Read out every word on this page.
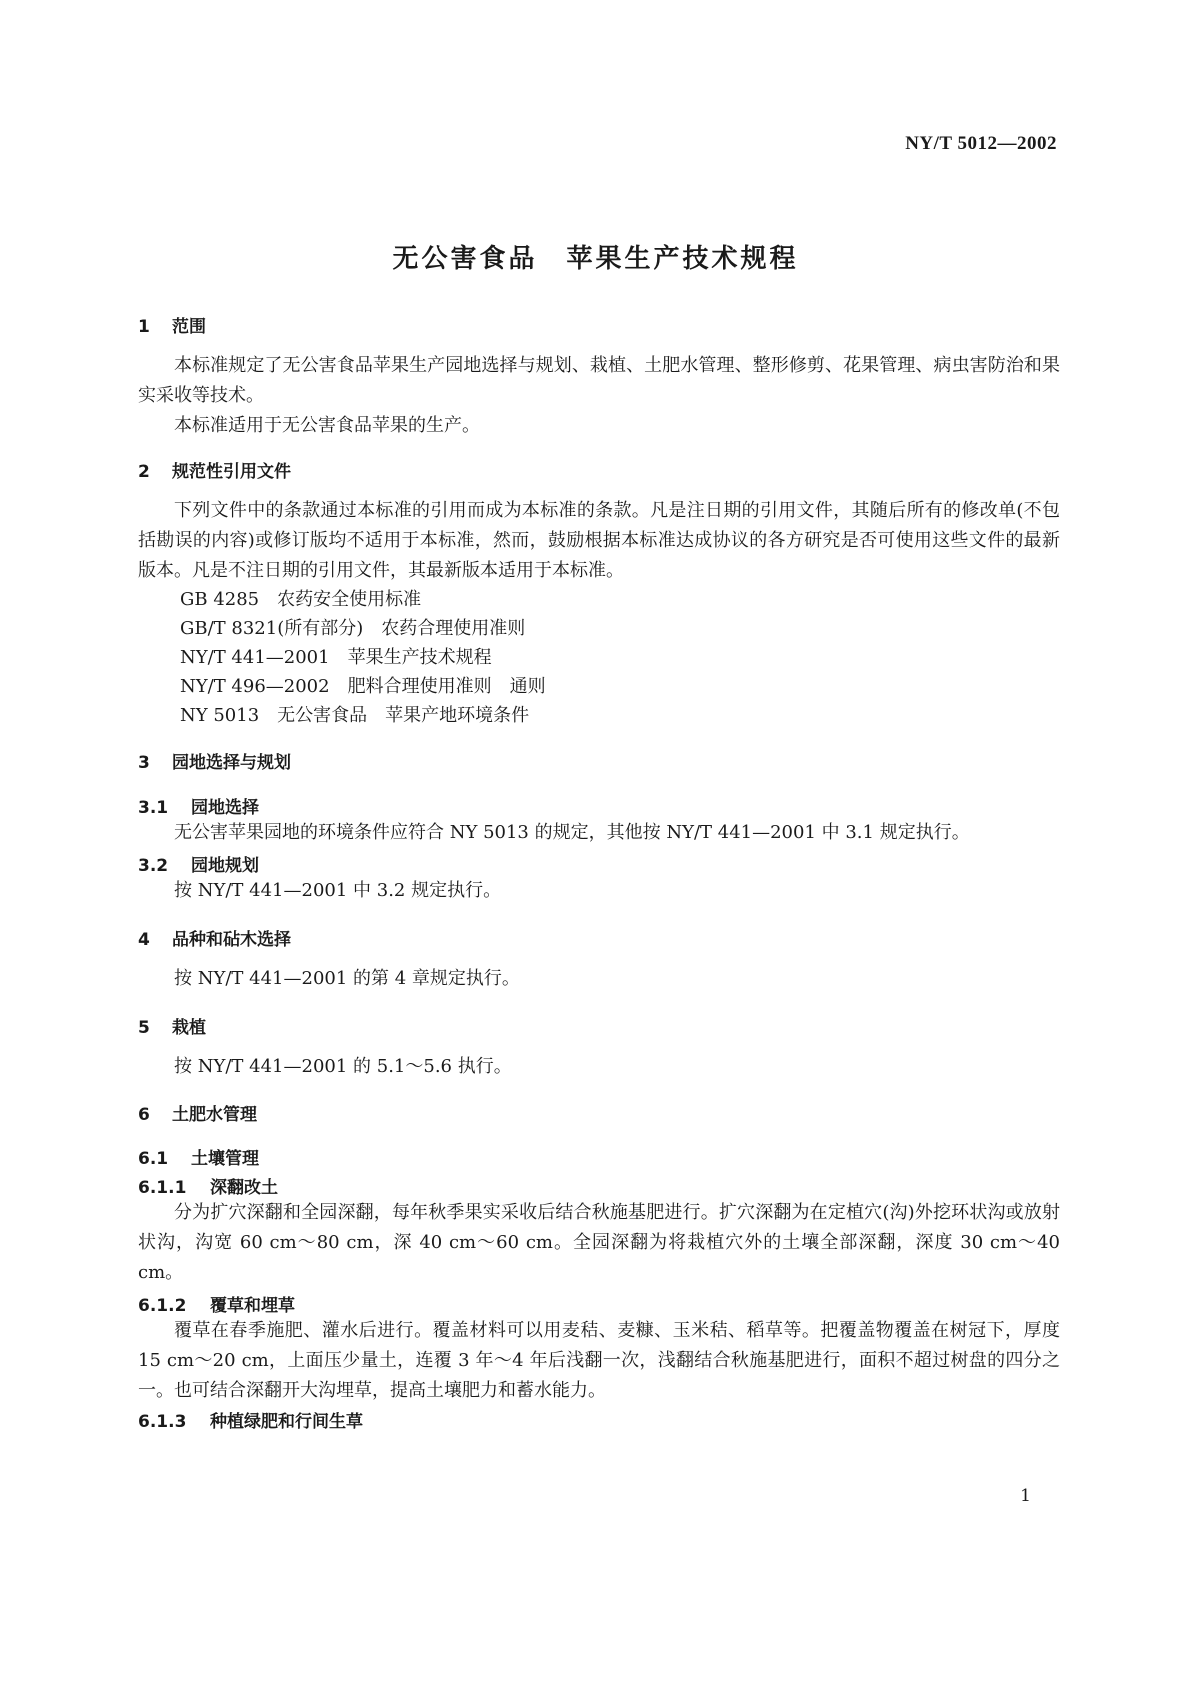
NY/T 5012—2002
无公害食品　苹果生产技术规程
1 范围
本标准规定了无公害食品苹果生产园地选择与规划、栽植、土肥水管理、整形修剪、花果管理、病虫害防治和果实采收等技术。
本标准适用于无公害食品苹果的生产。
2 规范性引用文件
下列文件中的条款通过本标准的引用而成为本标准的条款。凡是注日期的引用文件，其随后所有的修改单(不包括勘误的内容)或修订版均不适用于本标准，然而，鼓励根据本标准达成协议的各方研究是否可使用这些文件的最新版本。凡是不注日期的引用文件，其最新版本适用于本标准。
GB 4285　农药安全使用标准
GB/T 8321(所有部分)　农药合理使用准则
NY/T 441—2001　苹果生产技术规程
NY/T 496—2002　肥料合理使用准则　通则
NY 5013　无公害食品　苹果产地环境条件
3 园地选择与规划
3.1 园地选择
无公害苹果园地的环境条件应符合 NY 5013 的规定，其他按 NY/T 441—2001 中 3.1 规定执行。
3.2 园地规划
按 NY/T 441—2001 中 3.2 规定执行。
4 品种和砧木选择
按 NY/T 441—2001 的第 4 章规定执行。
5 栽植
按 NY/T 441—2001 的 5.1～5.6 执行。
6 土肥水管理
6.1 土壤管理
6.1.1 深翻改土
分为扩穴深翻和全园深翻，每年秋季果实采收后结合秋施基肥进行。扩穴深翻为在定植穴(沟)外挖环状沟或放射状沟，沟宽 60 cm～80 cm，深 40 cm～60 cm。全园深翻为将栽植穴外的土壤全部深翻，深度 30 cm～40 cm。
6.1.2 覆草和埋草
覆草在春季施肥、灌水后进行。覆盖材料可以用麦秸、麦糠、玉米秸、稻草等。把覆盖物覆盖在树冠下，厚度 15 cm～20 cm，上面压少量土，连覆 3 年～4 年后浅翻一次，浅翻结合秋施基肥进行，面积不超过树盘的四分之一。也可结合深翻开大沟埋草，提高土壤肥力和蓄水能力。
6.1.3 种植绿肥和行间生草
1
